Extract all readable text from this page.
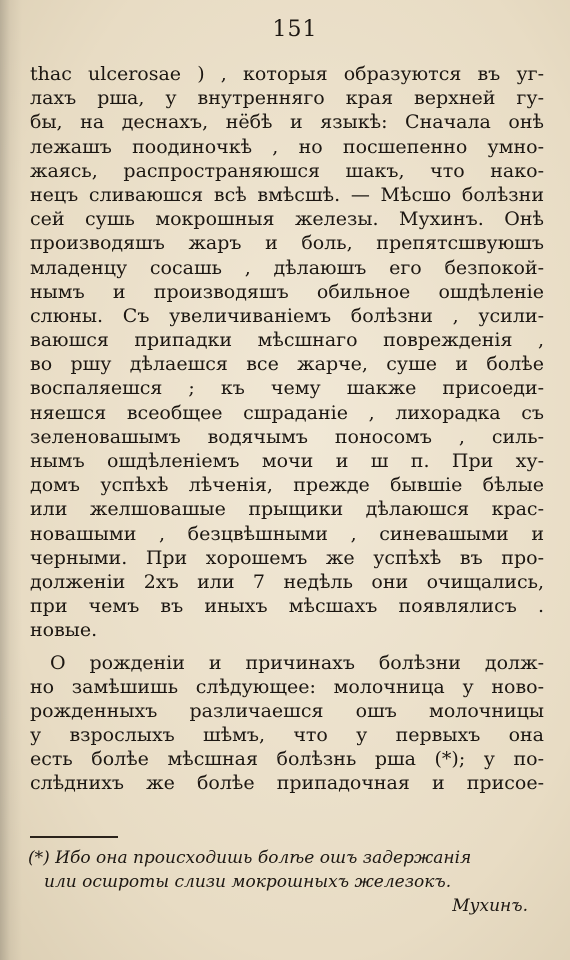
151
thac ulcerosae ) , которыя образуются въ уг-
лахъ рша, у внутренняго края верхней гу-
бы, на деснахъ, нёбѣ и языкѣ: Сначала онѣ
лежашъ поодиночкѣ , но посшепенно умно-
жаясь, распространяюшся шакъ, что нако-
нецъ сливаюшся всѣ вмѣсшѣ. — Мѣсшо болѣзни
сей сушь мокрошныя железы. Мухинъ. Онѣ
производяшъ жаръ и боль, препятсшвуюшъ
младенцу сосашь , дѣлаюшъ его безпокой-
нымъ и производяшъ обильное ошдѣленіе
слюны. Съ увеличиваніемъ болѣзни , усили-
ваюшся припадки мѣсшнаго поврежденія ,
во ршу дѣлаешся все жарче, суше и болѣе
воспаляешся ; къ чему шакже присоеди-
няешся всеобщее сшраданіе , лихорадка съ
зеленовашымъ водячымъ поносомъ , силь-
нымъ ошдѣленіемъ мочи и ш п. При ху-
домъ успѣхѣ лѣченія, прежде бывшіе бѣлые
или желшовашые прыщики дѣлаюшся крас-
новашыми , безцвѣшными , синевашыми и
черными. При хорошемъ же успѣхѣ въ про-
долженіи 2хъ или 7 недѣль они очищались,
при чемъ въ иныхъ мѣсшахъ появлялисъ .
новые.
О рожденіи и причинахъ болѣзни долж-
но замѣшишь слѣдующее: молочница у ново-
рожденныхъ различаешся ошъ молочницы
у взрослыхъ шѣмъ, что у первыхъ она
есть болѣе мѣсшная болѣзнь ршa (*); у по-
слѣднихъ же болѣе припадочная и присое-
(*) Ибо она происходишь болѣе ошъ задержанія
или осшроты слизи мокрошныхъ железокъ.
Мухинъ.
